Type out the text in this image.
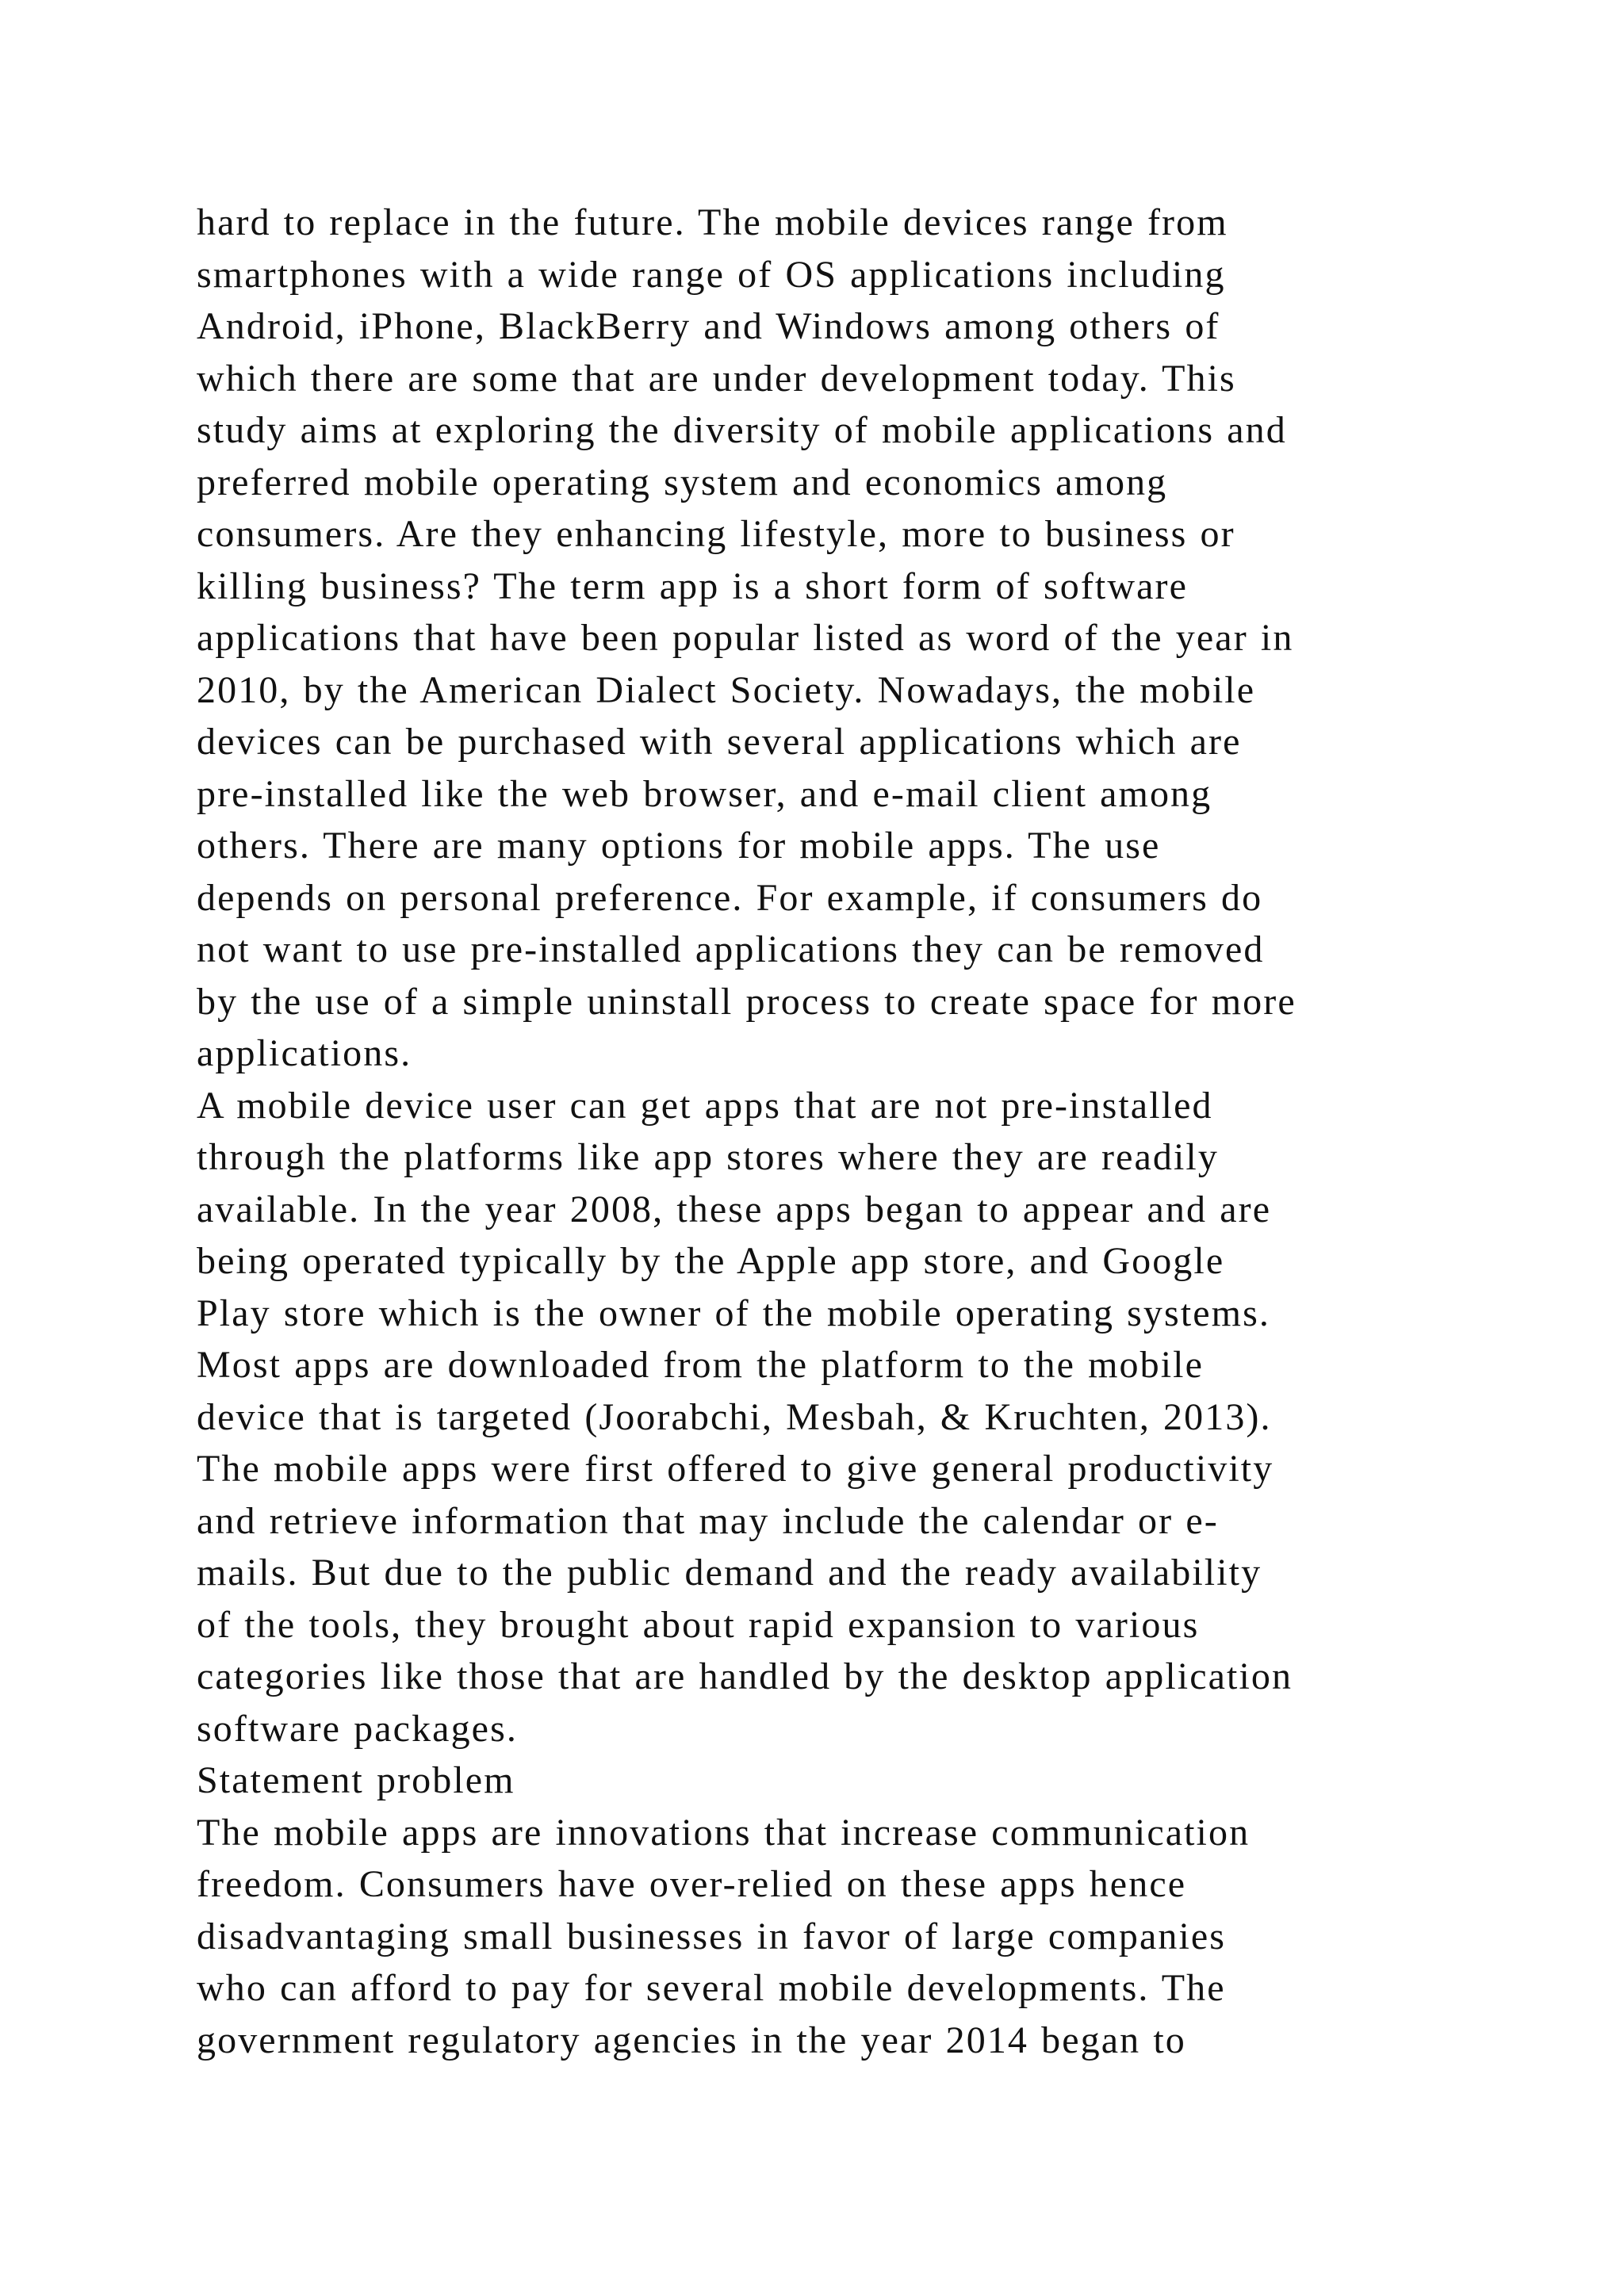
hard to replace in the future. The mobile devices range from
smartphones with a wide range of OS applications including
Android, iPhone, BlackBerry and Windows among others of
which there are some that are under development today. This
study aims at exploring the diversity of mobile applications and
preferred mobile operating system and economics among
consumers. Are they enhancing lifestyle, more to business or
killing business? The term app is a short form of software
applications that have been popular listed as word of the year in
2010, by the American Dialect Society. Nowadays, the mobile
devices can be purchased with several applications which are
pre-installed like the web browser, and e-mail client among
others. There are many options for mobile apps. The use
depends on personal preference. For example, if consumers do
not want to use pre-installed applications they can be removed
by the use of a simple uninstall process to create space for more
applications.
A mobile device user can get apps that are not pre-installed
through the platforms like app stores where they are readily
available. In the year 2008, these apps began to appear and are
being operated typically by the Apple app store, and Google
Play store which is the owner of the mobile operating systems.
Most apps are downloaded from the platform to the mobile
device that is targeted (Joorabchi, Mesbah, & Kruchten, 2013).
The mobile apps were first offered to give general productivity
and retrieve information that may include the calendar or e-
mails. But due to the public demand and the ready availability
of the tools, they brought about rapid expansion to various
categories like those that are handled by the desktop application
software packages.
Statement problem
The mobile apps are innovations that increase communication
freedom. Consumers have over-relied on these apps hence
disadvantaging small businesses in favor of large companies
who can afford to pay for several mobile developments. The
government regulatory agencies in the year 2014 began to
